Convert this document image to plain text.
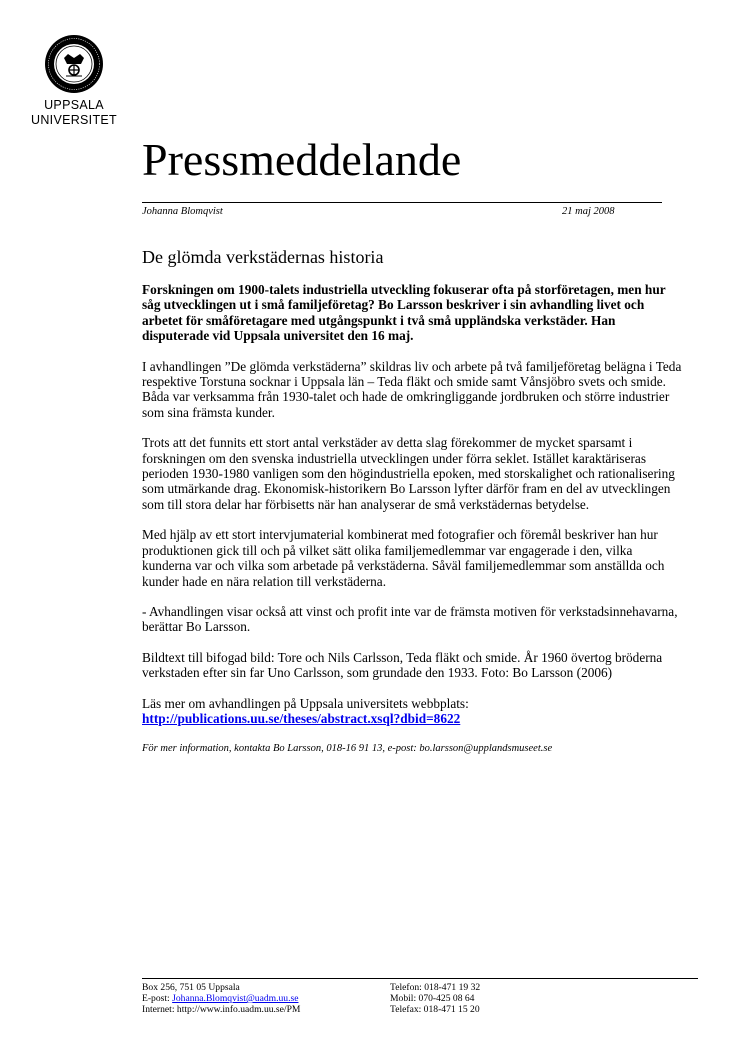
UPPSALA
UNIVERSITET
Pressmeddelande
Johanna Blomqvist	21 maj 2008
De glömda verkstädernas historia

Forskningen om 1900-talets industriella utveckling fokuserar ofta på storföretagen, men hur såg utvecklingen ut i små familjeföretag? Bo Larsson beskriver i sin avhandling livet och arbetet för småföretagare med utgångspunkt i två små uppländska verkstäder. Han disputerade vid Uppsala universitet den 16 maj.

I avhandlingen ”De glömda verkstäderna” skildras liv och arbete på två familjeföretag belägna i Teda respektive Torstuna socknar i Uppsala län – Teda fläkt och smide samt Vånsjöbro svets och smide. Båda var verksamma från 1930-talet och hade de omkringliggande jordbruken och större industrier som sina främsta kunder.

Trots att det funnits ett stort antal verkstäder av detta slag förekommer de mycket sparsamt i forskningen om den svenska industriella utvecklingen under förra seklet. Istället karaktäriseras perioden 1930-1980 vanligen som den högindustriella epoken, med storskalighet och rationalisering som utmärkande drag. Ekonomisk-historikern Bo Larsson lyfter därför fram en del av utvecklingen som till stora delar har förbisetts när han analyserar de små verkstädernas betydelse.

Med hjälp av ett stort intervjumaterial kombinerat med fotografier och föremål beskriver han hur produktionen gick till och på vilket sätt olika familjemedlemmar var engagerade i den, vilka kunderna var och vilka som arbetade på verkstäderna. Såväl familjemedlemmar som anställda och kunder hade en nära relation till verkstäderna.

- Avhandlingen visar också att vinst och profit inte var de främsta motiven för verkstadsinnehavarna, berättar Bo Larsson.

Bildtext till bifogad bild: Tore och Nils Carlsson, Teda fläkt och smide. År 1960 övertog bröderna verkstaden efter sin far Uno Carlsson, som grundade den 1933. Foto: Bo Larsson (2006)

Läs mer om avhandlingen på Uppsala universitets webbplats:
http://publications.uu.se/theses/abstract.xsql?dbid=8622

För mer information, kontakta Bo Larsson, 018-16 91 13, e-post: bo.larsson@upplandsmuseet.se

Box 256, 751 05 Uppsala
E-post: Johanna.Blomqvist@uadm.uu.se
Internet: http://www.info.uadm.uu.se/PM
Telefon: 018-471 19 32
Mobil: 070-425 08 64
Telefax: 018-471 15 20
